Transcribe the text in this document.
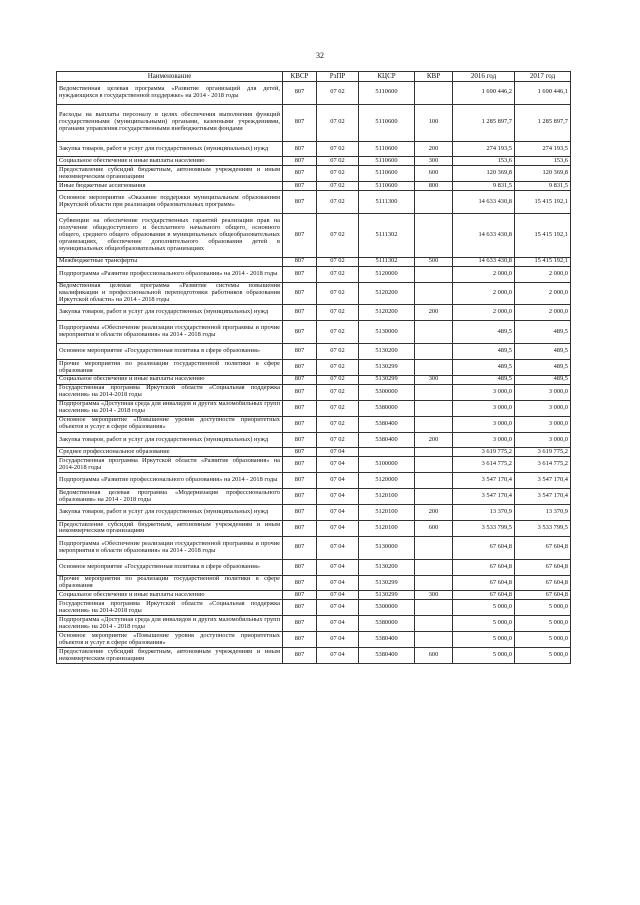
32
Наименование	КВСР	РзПР	КЦСР	КВР	2016 год	2017 год
Ведомственная целевая программа «Развитие организаций для детей, нуждающихся в государственной поддержке» на 2014 - 2018 годы	807	07 02	5110600		1 690 446,2	1 690 446,1
Расходы на выплаты персоналу в целях обеспечения выполнения функций государственными (муниципальными) органами, казенными учреждениями, органами управления государственными внебюджетными фондами	807	07 02	5110600	100	1 285 897,7	1 285 897,7
Закупка товаров, работ и услуг для государственных (муниципальных) нужд	807	07 02	5110600	200	274 193,5	274 193,5
Социальное обеспечение и иные выплаты населению	807	07 02	5110600	300	153,6	153,6
Предоставление субсидий бюджетным, автономным учреждениям и иным некоммерческим организациям	807	07 02	5110600	600	120 369,8	120 369,8
Иные бюджетные ассигнования	807	07 02	5110600	800	9 831,5	9 831,5
Основное мероприятие «Оказание поддержки муниципальным образованиям Иркутской области при реализации образовательных программ»	807	07 02	5111300		14 633 430,8	15 415 192,1
Субвенции на обеспечение государственных гарантий реализации прав на получение общедоступного и бесплатного начального общего, основного общего, среднего общего образования в муниципальных общеобразовательных организациях, обеспечение дополнительного образования детей в муниципальных общеобразовательных организациях	807	07 02	5111302		14 633 430,8	15 415 192,1
Межбюджетные трансферты	807	07 02	5111302	500	14 633 430,8	15 415 192,1
Подпрограмма «Развитие профессионального образования» на 2014 - 2018 годы	807	07 02	5120000		2 000,0	2 000,0
Ведомственная целевая программа «Развитие системы повышения квалификации и профессиональной переподготовки работников образования Иркутской области» на 2014 - 2018 годы	807	07 02	5120200		2 000,0	2 000,0
Закупка товаров, работ и услуг для государственных (муниципальных) нужд	807	07 02	5120200	200	2 000,0	2 000,0
Подпрограмма «Обеспечение реализации государственной программы и прочие мероприятия в области образования» на 2014 - 2018 годы	807	07 02	5130000		489,5	489,5
Основное мероприятие «Государственная политика в сфере образования»	807	07 02	5130200		489,5	489,5
Прочие мероприятия по реализации государственной политики в сфере образования	807	07 02	5130299		489,5	489,5
Социальное обеспечение и иные выплаты населению	807	07 02	5130299	300	489,5	489,5
Государственная программа Иркутской области «Социальная поддержка населения» на 2014-2018 годы	807	07 02	5300000		3 000,0	3 000,0
Подпрограмма «Доступная среда для инвалидов и других маломобильных групп населения» на 2014 - 2018 годы	807	07 02	5380000		3 000,0	3 000,0
Основное мероприятие «Повышение уровня доступности приоритетных объектов и услуг в сфере образования»	807	07 02	5380400		3 000,0	3 000,0
Закупка товаров, работ и услуг для государственных (муниципальных) нужд	807	07 02	5380400	200	3 000,0	3 000,0
Среднее профессиональное образование	807	07 04			3 619 775,2	3 619 775,2
Государственная программа Иркутской области «Развитие образования» на 2014-2018 годы	807	07 04	5100000		3 614 775,2	3 614 775,2
Подпрограмма «Развитие профессионального образования» на 2014 - 2018 годы	807	07 04	5120000		3 547 170,4	3 547 170,4
Ведомственная целевая программа «Модернизация профессионального образования» на 2014 - 2018 годы	807	07 04	5120100		3 547 170,4	3 547 170,4
Закупка товаров, работ и услуг для государственных (муниципальных) нужд	807	07 04	5120100	200	13 370,9	13 370,9
Предоставление субсидий бюджетным, автономным учреждениям и иным некоммерческим организациям	807	07 04	5120100	600	3 533 799,5	3 533 799,5
Подпрограмма «Обеспечение реализации государственной программы и прочие мероприятия в области образования» на 2014 - 2018 годы	807	07 04	5130000		67 604,8	67 604,8
Основное мероприятие «Государственная политика в сфере образования»	807	07 04	5130200		67 604,8	67 604,8
Прочие мероприятия по реализации государственной политики в сфере образования	807	07 04	5130299		67 604,8	67 604,8
Социальное обеспечение и иные выплаты населению	807	07 04	5130299	300	67 604,8	67 604,8
Государственная программа Иркутской области «Социальная поддержка населения» на 2014-2018 годы	807	07 04	5300000		5 000,0	5 000,0
Подпрограмма «Доступная среда для инвалидов и других маломобильных групп населения» на 2014 - 2018 годы	807	07 04	5380000		5 000,0	5 000,0
Основное мероприятие «Повышение уровня доступности приоритетных объектов и услуг в сфере образования»	807	07 04	5380400		5 000,0	5 000,0
Предоставление субсидий бюджетным, автономным учреждениям и иным некоммерческим организациям	807	07 04	5380400	600	5 000,0	5 000,0
